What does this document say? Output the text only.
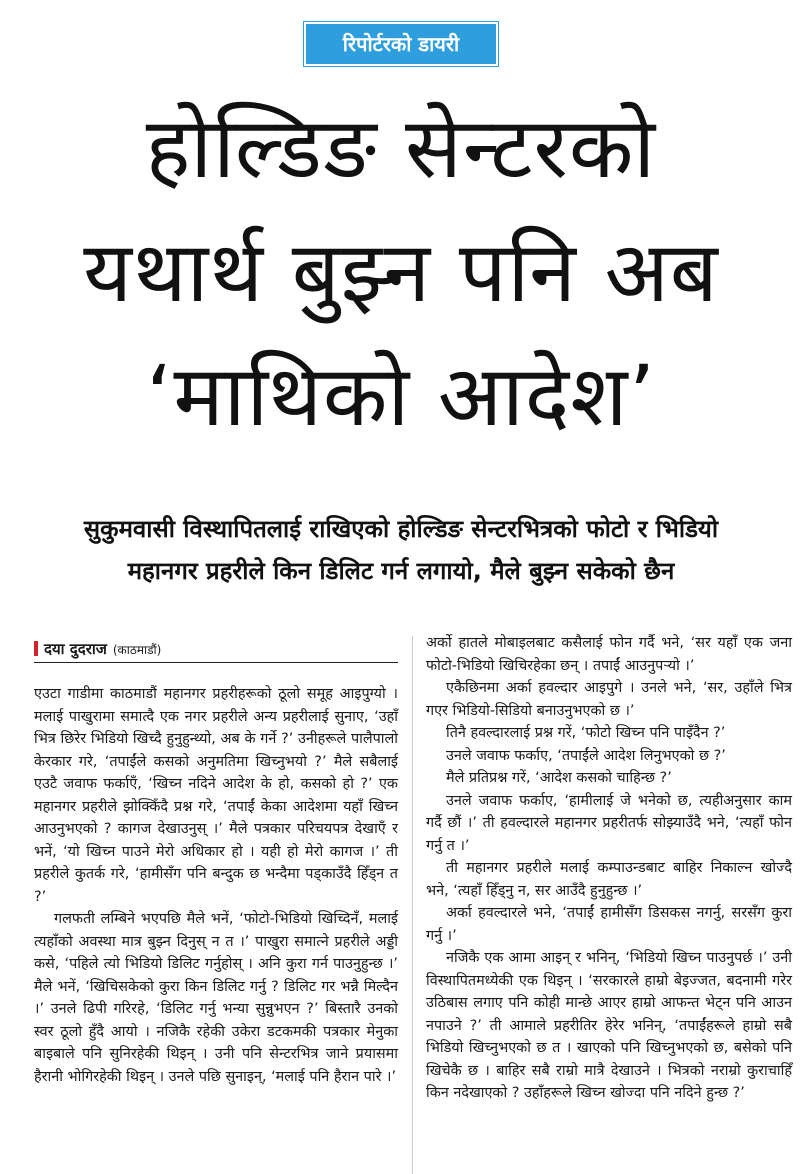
रिपोर्टरको डायरी
होल्डिङ सेन्टरको
यथार्थ बुझ्न पनि अब
‘माथिको आदेश’
सुकुमवासी विस्थापितलाई राखिएको होल्डिङ सेन्टरभित्रको फोटो र भिडियो
महानगर प्रहरीले किन डिलिट गर्न लगायो, मैले बुझ्न सकेको छैन
दया दुदराज (काठमाडौं)

एउटा गाडीमा काठमाडौं महानगर प्रहरीहरूको ठूलो समूह आइपुग्यो । मलाई पाखुरामा समात्दै एक नगर प्रहरीले अन्य प्रहरीलाई सुनाए, ‘उहाँ भित्र छिरेर भिडियो खिच्दै हुनुहुन्थ्यो, अब के गर्ने ?’ उनीहरूले पालैपालो केरकार गरे, ‘तपाईंले कसको अनुमतिमा खिच्नुभयो ?’ मैले सबैलाई एउटै जवाफ फर्काएँ, ‘खिच्न नदिने आदेश के हो, कसको हो ?’ एक महानगर प्रहरीले झोक्किँदै प्रश्न गरे, ‘तपाईं केका आदेशमा यहाँ खिच्न आउनुभएको ? कागज देखाउनुस् ।’ मैले पत्रकार परिचयपत्र देखाएँ र भनें, ‘यो खिच्न पाउने मेरो अधिकार हो । यही हो मेरो कागज ।’ ती प्रहरीले कुतर्क गरे, ‘हामीसँग पनि बन्दुक छ भन्दैमा पड्काउँदै हिँड्न त ?’

गलफती लम्बिने भएपछि मैले भनें, ‘फोटो-भिडियो खिच्दिनँ, मलाई त्यहाँको अवस्था मात्र बुझ्न दिनुस् न त ।’ पाखुरा समात्ने प्रहरीले अड्डी कसे, ‘पहिले त्यो भिडियो डिलिट गर्नुहोस् । अनि कुरा गर्न पाउनुहुन्छ ।’ मैले भनें, ‘खिचिसकेको कुरा किन डिलिट गर्नु ? डिलिट गर भन्नै मिल्दैन ।’ उनले ढिपी गरिरहे, ‘डिलिट गर्नु भन्या सुन्नुभएन ?’ बिस्तारै उनको स्वर ठूलो हुँदै आयो । नजिकै रहेकी उकेरा डटकमकी पत्रकार मेनुका बाइबाले पनि सुनिरहेकी थिइन् । उनी पनि सेन्टरभित्र जाने प्रयासमा हैरानी भोगिरहेकी थिइन् । उनले पछि सुनाइन्, ‘मलाई पनि हैरान पारे ।’

अर्को हातले मोबाइलबाट कसैलाई फोन गर्दै भने, ‘सर यहाँ एक जना फोटो-भिडियो खिचिरहेका छन् । तपाईं आउनुपऱ्यो ।’

एकैछिनमा अर्का हवल्दार आइपुगे । उनले भने, ‘सर, उहाँले भित्र गएर भिडियो-सिडियो बनाउनुभएको छ ।’

तिनै हवल्दारलाई प्रश्न गरें, ‘फोटो खिच्न पनि पाइँदैन ?’

उनले जवाफ फर्काए, ‘तपाईंले आदेश लिनुभएको छ ?’

मैले प्रतिप्रश्न गरें, ‘आदेश कसको चाहिन्छ ?’

उनले जवाफ फर्काए, ‘हामीलाई जे भनेको छ, त्यहीअनुसार काम गर्दै छौं ।’ ती हवल्दारले महानगर प्रहरीतर्फ सोझ्याउँदै भने, ‘त्यहाँ फोन गर्नु त ।’

ती महानगर प्रहरीले मलाई कम्पाउन्डबाट बाहिर निकाल्न खोज्दै भने, ‘त्यहाँ हिँड्नु न, सर आउँदै हुनुहुन्छ ।’

अर्का हवल्दारले भने, ‘तपाईं हामीसँग डिसकस नगर्नु, सरसँग कुरा गर्नु ।’

नजिकै एक आमा आइन् र भनिन्, ‘भिडियो खिच्न पाउनुपर्छ ।’ उनी विस्थापितमध्येकी एक थिइन् । ‘सरकारले हाम्रो बेइज्जत, बदनामी गरेर उठिबास लगाए पनि कोही मान्छे आएर हाम्रो आफन्त भेट्न पनि आउन नपाउने ?’ ती आमाले प्रहरीतिर हेरेर भनिन्, ‘तपाईंहरूले हाम्रो सबै भिडियो खिच्नुभएको छ त । खाएको पनि खिच्नुभएको छ, बसेको पनि खिचेकै छ । बाहिर सबै राम्रो मात्रै देखाउने । भित्रको नराम्रो कुराचाहिँ किन नदेखाएको ? उहाँहरूले खिच्न खोज्दा पनि नदिने हुन्छ ?’
